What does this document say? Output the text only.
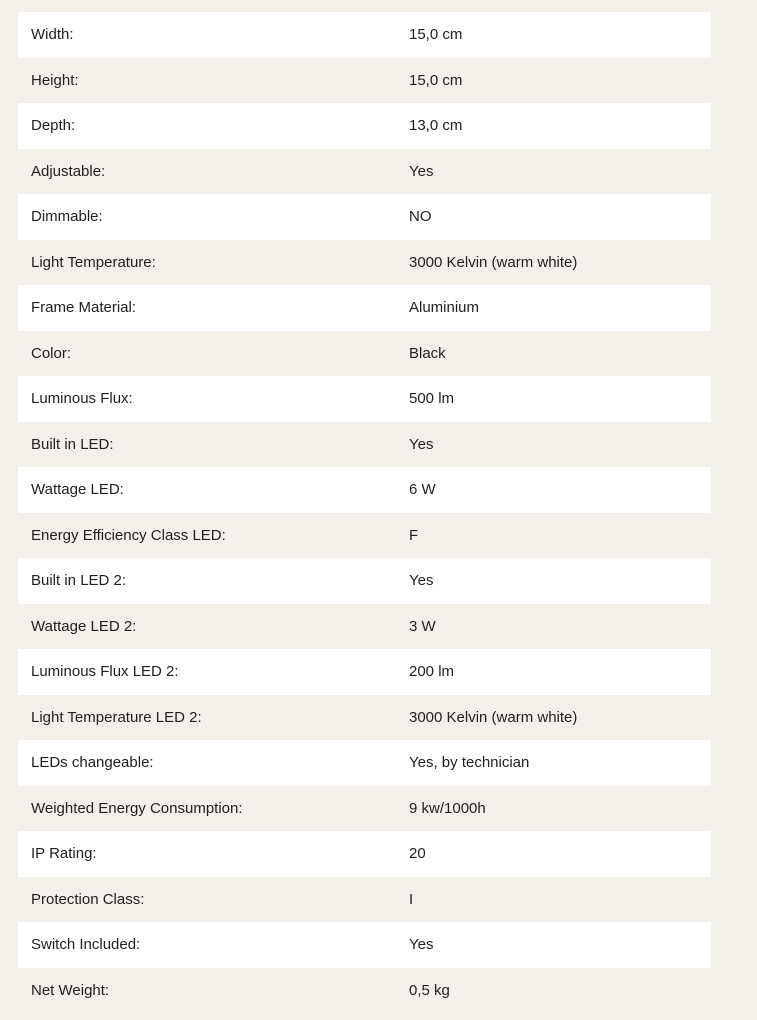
Width:	15,0 cm
Height:	15,0 cm
Depth:	13,0 cm
Adjustable:	Yes
Dimmable:	NO
Light Temperature:	3000 Kelvin (warm white)
Frame Material:	Aluminium
Color:	Black
Luminous Flux:	500 lm
Built in LED:	Yes
Wattage LED:	6 W
Energy Efficiency Class LED:	F
Built in LED 2:	Yes
Wattage LED 2:	3 W
Luminous Flux LED 2:	200 lm
Light Temperature LED 2:	3000 Kelvin (warm white)
LEDs changeable:	Yes, by technician
Weighted Energy Consumption:	9 kw/1000h
IP Rating:	20
Protection Class:	I
Switch Included:	Yes
Net Weight:	0,5 kg
